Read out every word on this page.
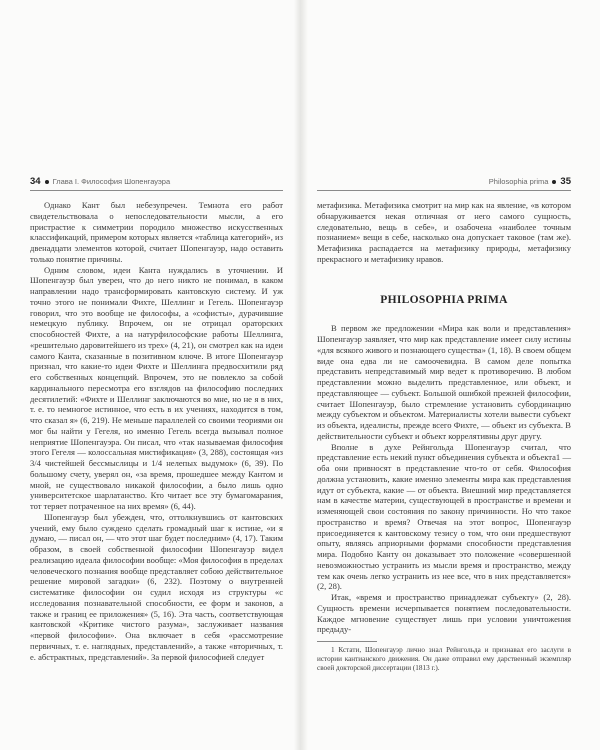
34 Глава I. Философия Шопенгауэра

Однако Кант был небезупречен. Темнота его работ свидетельствовала о непоследовательности мысли, а его пристрастие к симметрии породило множество искусственных классификаций, примером которых является «таблица категорий», из двенадцати элементов которой, считает Шопенгауэр, надо оставить только понятие причины.

Одним словом, идеи Канта нуждались в уточнении. И Шопенгауэр был уверен, что до него никто не понимал, в каком направлении надо трансформировать кантовскую систему. И уж точно этого не понимали Фихте, Шеллинг и Гегель. Шопенгауэр говорил, что это вообще не философы, а «софисты», дурачившие немецкую публику. Впрочем, он не отрицал ораторских способностей Фихте, а на натурфилософские работы Шеллинга, «решительно даровитейшего из трех» (4, 21), он смотрел как на идеи самого Канта, сказанные в позитивном ключе. В итоге Шопенгауэр признал, что какие-то идеи Фихте и Шеллинга предвосхитили ряд его собственных концепций. Впрочем, это не повлекло за собой кардинального пересмотра его взглядов на философию последних десятилетий: «Фихте и Шеллинг заключаются во мне, но не я в них, т. е. то немногое истинное, что есть в их учениях, находится в том, что сказал я» (6, 219). Не меньше параллелей со своими теориями он мог бы найти у Гегеля, но именно Гегель всегда вызывал полное неприятие Шопенгауэра. Он писал, что «так называемая философия этого Гегеля — колоссальная мистификация» (3, 288), состоящая «из 3/4 чистейшей бессмыслицы и 1/4 нелепых выдумок» (6, 39). По большому счету, уверял он, «за время, прошедшее между Кантом и мной, не существовало никакой философии, а было лишь одно университетское шарлатанство. Кто читает все эту бумагомарания, тот теряет потраченное на них время» (6, 44).

Шопенгауэр был убежден, что, оттолкнувшись от кантовских учений, ему было суждено сделать громадный шаг к истине, «и я думаю, — писал он, — что этот шаг будет последним» (4, 17). Таким образом, в своей собственной философии Шопенгауэр видел реализацию идеала философии вообще: «Моя философия в пределах человеческого познания вообще представляет собою действительное решение мировой загадки» (6, 232). Поэтому о внутренней систематике философии он судил исходя из структуры «с исследования познавательной способности, ее форм и законов, а также и границ ее приложения» (5, 16). Эта часть, соответствующая кантовской «Критике чистого разума», заслуживает названия «первой философии». Она включает в себя «рассмотрение первичных, т. е. наглядных, представлений», а также «вторичных, т. е. абстрактных, представлений». За первой философией следует

Philosophia prima 35

метафизика. Метафизика смотрит на мир как на явление, «в котором обнаруживается некая отличная от него самого сущность, следовательно, вещь в себе», и озабочена «наиболее точным познанием» вещи в себе, насколько она допускает таковое (там же). Метафизика распадается на метафизику природы, метафизику прекрасного и метафизику нравов.

PHILOSOPHIA PRIMA

В первом же предложении «Мира как воли и представления» Шопенгауэр заявляет, что мир как представление имеет силу истины «для всякого живого и познающего существа» (1, 18). В своем общем виде она едва ли не самоочевидна. В самом деле попытка представить непредставимый мир ведет к противоречию. В любом представлении можно выделить представленное, или объект, и представляющее — субъект. Большой ошибкой прежней философии, считает Шопенгауэр, было стремление установить субординацию между субъектом и объектом. Материалисты хотели вывести субъект из объекта, идеалисты, прежде всего Фихте, — объект из субъекта. В действительности субъект и объект коррелятивны друг другу.

Вполне в духе Рейнгольда Шопенгауэр считал, что представление есть некий пункт объединения субъекта и объекта1 — оба они привносят в представление что-то от себя. Философия должна установить, какие именно элементы мира как представления идут от субъекта, какие — от объекта. Внешний мир представляется нам в качестве материи, существующей в пространстве и времени и изменяющей свои состояния по закону причинности. Но что такое пространство и время? Отвечая на этот вопрос, Шопенгауэр присоединяется к кантовскому тезису о том, что они предшествуют опыту, являясь априорными формами способности представления мира. Подобно Канту он доказывает это положение «совершенной невозможностью устранить из мысли время и пространство, между тем как очень легко устранить из нее все, что в них представляется» (2, 28).

Итак, «время и пространство принадлежат субъекту» (2, 28). Сущность времени исчерпывается понятием последовательности. Каждое мгновение существует лишь при условии уничтожения предыду-

1 Кстати, Шопенгауэр лично знал Рейнгольда и признавал его заслуги в истории кантианского движения. Он даже отправил ему дарственный экземпляр своей докторской диссертации (1813 г.).
